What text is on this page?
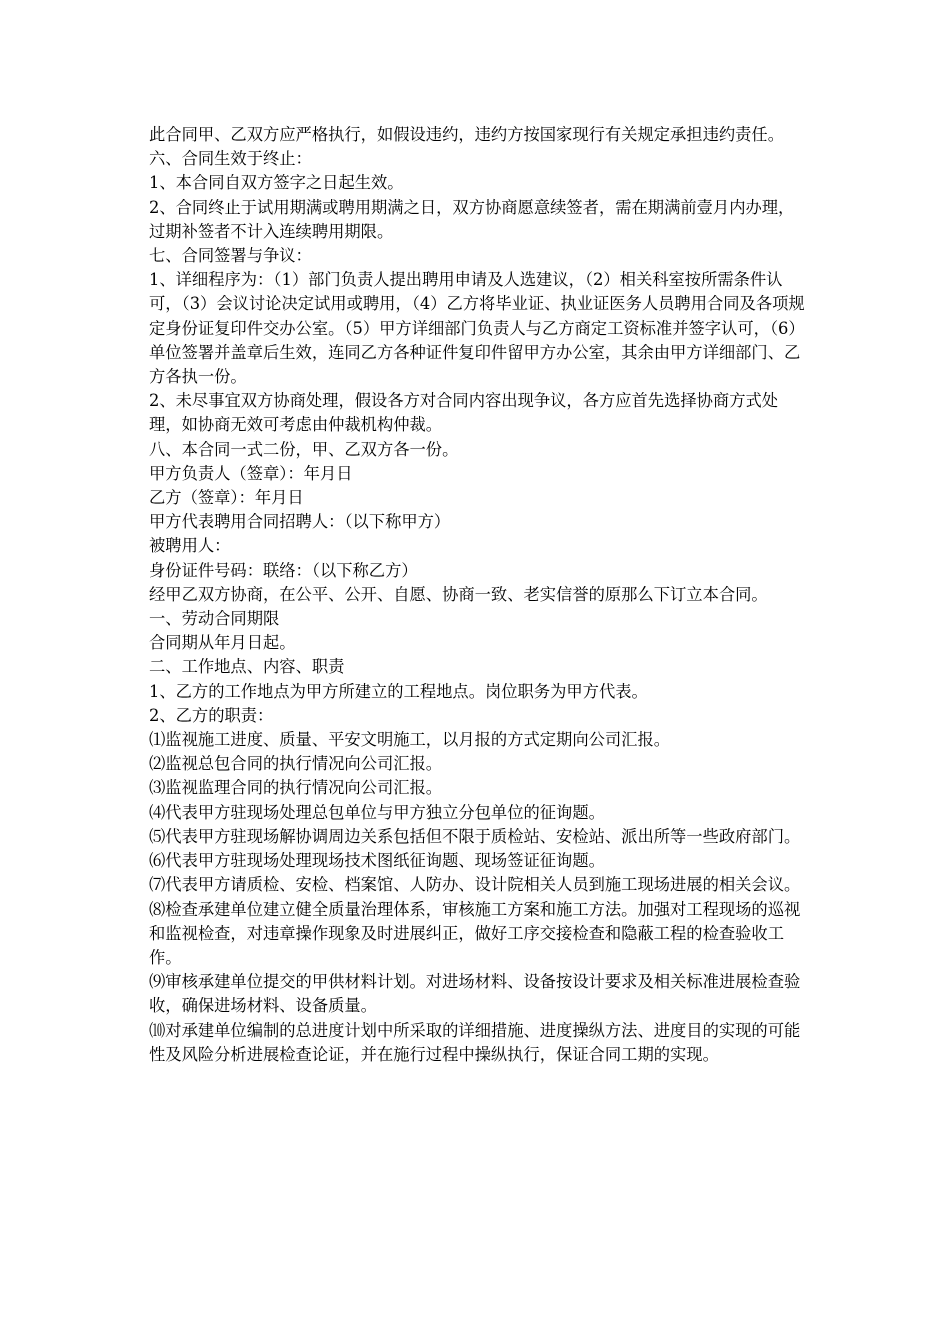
此合同甲、乙双方应严格执行，如假设违约，违约方按国家现行有关规定承担违约责任。

六、合同生效于终止：

1、本合同自双方签字之日起生效。

2、合同终止于试用期满或聘用期满之日，双方协商愿意续签者，需在期满前壹月内办理，过期补签者不计入连续聘用期限。

七、合同签署与争议：

1、详细程序为：（1）部门负责人提出聘用申请及人选建议，（2）相关科室按所需条件认可，（3）会议讨论决定试用或聘用，（4）乙方将毕业证、执业证医务人员聘用合同及各项规定身份证复印件交办公室。（5）甲方详细部门负责人与乙方商定工资标准并签字认可，（6）单位签署并盖章后生效，连同乙方各种证件复印件留甲方办公室，其余由甲方详细部门、乙方各执一份。

2、未尽事宜双方协商处理，假设各方对合同内容出现争议，各方应首先选择协商方式处理，如协商无效可考虑由仲裁机构仲裁。

八、本合同一式二份，甲、乙双方各一份。

甲方负责人（签章）：年月日

乙方（签章）：年月日

甲方代表聘用合同招聘人：（以下称甲方）

被聘用人：

身份证件号码：联络：（以下称乙方）

经甲乙双方协商，在公平、公开、自愿、协商一致、老实信誉的原那么下订立本合同。

一、劳动合同期限

合同期从年月日起。

二、工作地点、内容、职责

1、乙方的工作地点为甲方所建立的工程地点。岗位职务为甲方代表。

2、乙方的职责：

⑴监视施工进度、质量、平安文明施工，以月报的方式定期向公司汇报。

⑵监视总包合同的执行情况向公司汇报。

⑶监视监理合同的执行情况向公司汇报。

⑷代表甲方驻现场处理总包单位与甲方独立分包单位的征询题。

⑸代表甲方驻现场解协调周边关系包括但不限于质检站、安检站、派出所等一些政府部门。

⑹代表甲方驻现场处理现场技术图纸征询题、现场签证征询题。

⑺代表甲方请质检、安检、档案馆、人防办、设计院相关人员到施工现场进展的相关会议。

⑻检查承建单位建立健全质量治理体系，审核施工方案和施工方法。加强对工程现场的巡视和监视检查，对违章操作现象及时进展纠正，做好工序交接检查和隐蔽工程的检查验收工作。

⑼审核承建单位提交的甲供材料计划。对进场材料、设备按设计要求及相关标准进展检查验收，确保进场材料、设备质量。

⑽对承建单位编制的总进度计划中所采取的详细措施、进度操纵方法、进度目的实现的可能性及风险分析进展检查论证，并在施行过程中操纵执行，保证合同工期的实现。
